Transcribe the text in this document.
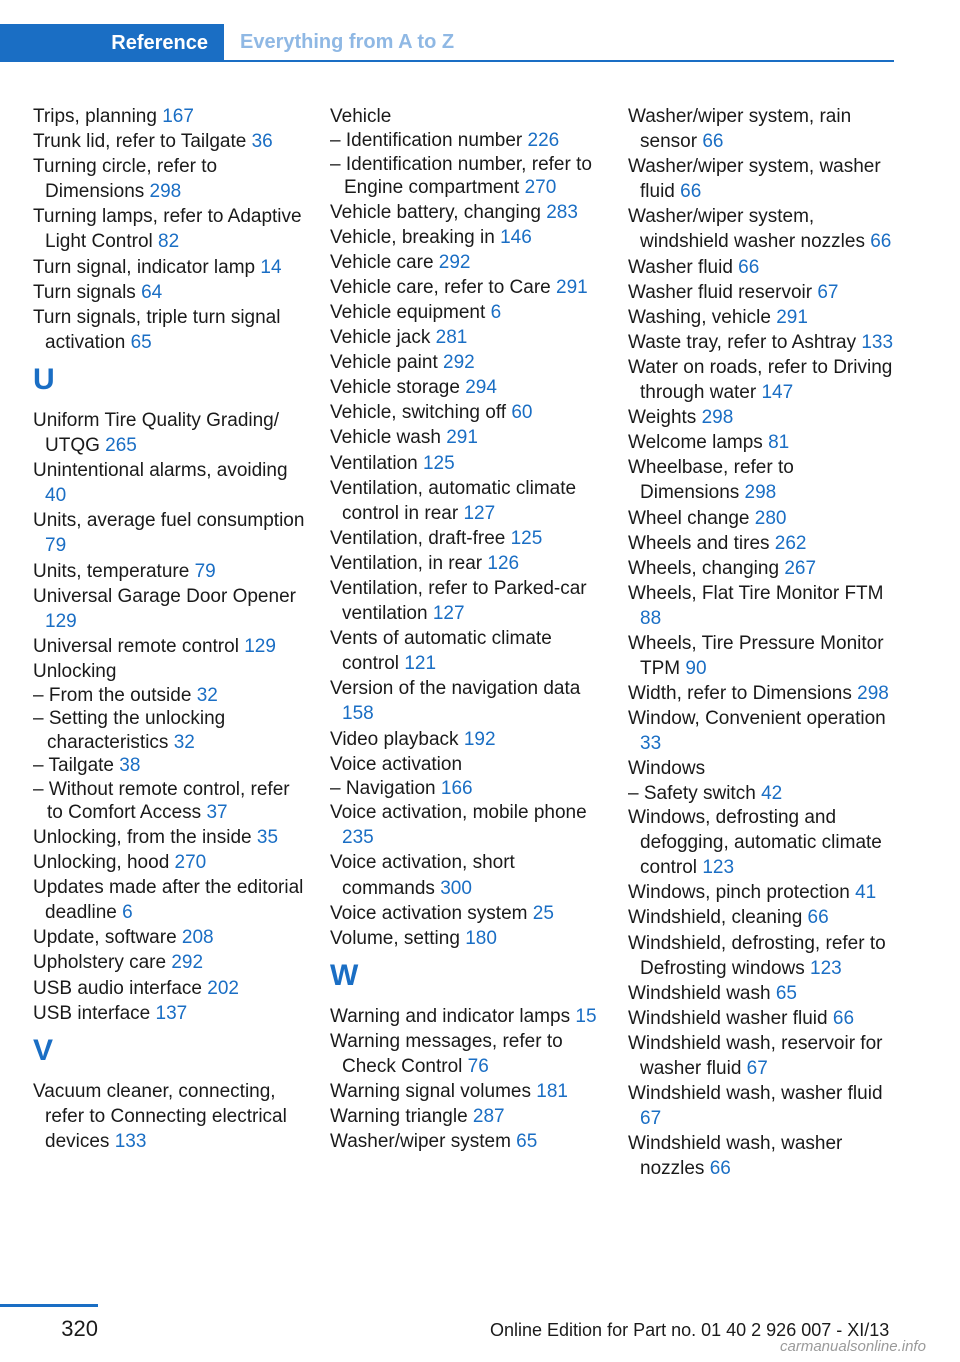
Reference	Everything from A to Z
Trips, planning 167
Trunk lid, refer to Tailgate 36
Turning circle, refer to Dimensions 298
Turning lamps, refer to Adaptive Light Control 82
Turn signal, indicator lamp 14
Turn signals 64
Turn signals, triple turn signal activation 65
U
Uniform Tire Quality Grading/ UTQG 265
Unintentional alarms, avoiding 40
Units, average fuel consumption 79
Units, temperature 79
Universal Garage Door Opener 129
Universal remote control 129
Unlocking
– From the outside 32
– Setting the unlocking characteristics 32
– Tailgate 38
– Without remote control, refer to Comfort Access 37
Unlocking, from the inside 35
Unlocking, hood 270
Updates made after the editorial deadline 6
Update, software 208
Upholstery care 292
USB audio interface 202
USB interface 137
V
Vacuum cleaner, connecting, refer to Connecting electrical devices 133
Vehicle
– Identification number 226
– Identification number, refer to Engine compartment 270
Vehicle battery, changing 283
Vehicle, breaking in 146
Vehicle care 292
Vehicle care, refer to Care 291
Vehicle equipment 6
Vehicle jack 281
Vehicle paint 292
Vehicle storage 294
Vehicle, switching off 60
Vehicle wash 291
Ventilation 125
Ventilation, automatic climate control in rear 127
Ventilation, draft-free 125
Ventilation, in rear 126
Ventilation, refer to Parked-car ventilation 127
Vents of automatic climate control 121
Version of the navigation data 158
Video playback 192
Voice activation
– Navigation 166
Voice activation, mobile phone 235
Voice activation, short commands 300
Voice activation system 25
Volume, setting 180
W
Warning and indicator lamps 15
Warning messages, refer to Check Control 76
Warning signal volumes 181
Warning triangle 287
Washer/wiper system 65
Washer/wiper system, rain sensor 66
Washer/wiper system, washer fluid 66
Washer/wiper system, windshield washer nozzles 66
Washer fluid 66
Washer fluid reservoir 67
Washing, vehicle 291
Waste tray, refer to Ashtray 133
Water on roads, refer to Driving through water 147
Weights 298
Welcome lamps 81
Wheelbase, refer to Dimensions 298
Wheel change 280
Wheels and tires 262
Wheels, changing 267
Wheels, Flat Tire Monitor FTM 88
Wheels, Tire Pressure Monitor TPM 90
Width, refer to Dimensions 298
Window, Convenient operation 33
Windows
– Safety switch 42
Windows, defrosting and defogging, automatic climate control 123
Windows, pinch protection 41
Windshield, cleaning 66
Windshield, defrosting, refer to Defrosting windows 123
Windshield wash 65
Windshield washer fluid 66
Windshield wash, reservoir for washer fluid 67
Windshield wash, washer fluid 67
Windshield wash, washer nozzles 66
320	Online Edition for Part no. 01 40 2 926 007 - XI/13
carmanualsonline.info
